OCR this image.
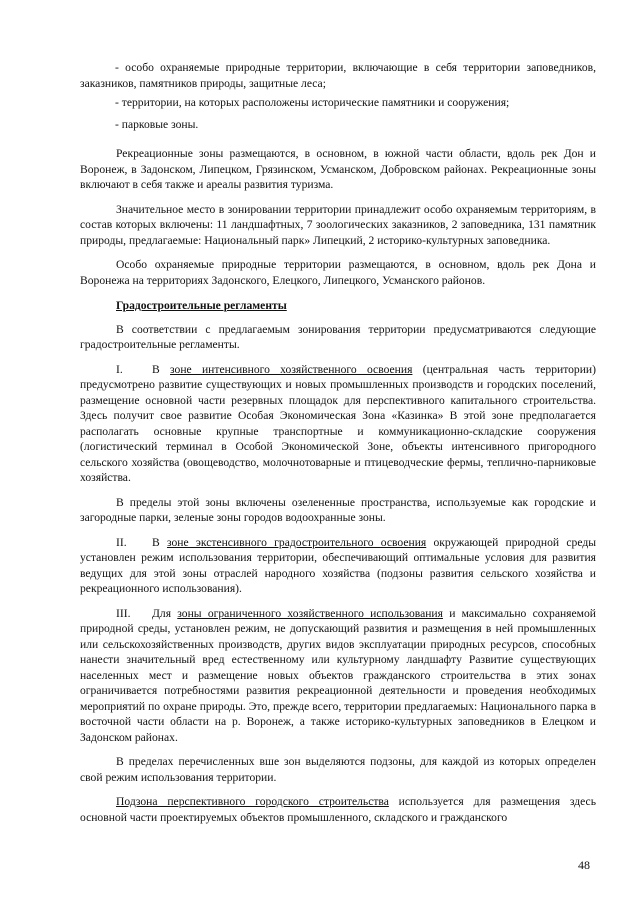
- особо охраняемые природные территории, включающие в себя территории заповедников, заказников, памятников природы, защитные леса;

- территории, на которых расположены исторические памятники и сооружения;

- парковые зоны.

Рекреационные зоны размещаются, в основном, в южной части области, вдоль рек Дон и Воронеж, в Задонском, Липецком, Грязинском, Усманском, Добровском районах. Рекреационные зоны включают в себя также и ареалы развития туризма.

Значительное место в зонировании территории принадлежит особо охраняемым территориям, в состав которых включены: 11 ландшафтных, 7 зоологических заказников, 2 заповедника, 131 памятник природы, предлагаемые: Национальный парк» Липецкий, 2 историко-культурных заповедника.

Особо охраняемые природные территории размещаются, в основном, вдоль рек Дона и Воронежа на территориях Задонского, Елецкого, Липецкого, Усманского районов.

Градостроительные регламенты

В соответствии с предлагаемым зонирования территории предусматриваются следующие градостроительные регламенты.

I.	В зоне интенсивного хозяйственного освоения (центральная часть территории) предусмотрено развитие существующих и новых промышленных производств и городских поселений, размещение основной части резервных площадок для перспективного капитального строительства. Здесь получит свое развитие Особая Экономическая Зона «Казинка» В этой зоне предполагается располагать основные крупные транспортные и коммуникационно-складские сооружения (логистический терминал в Особой Экономической Зоне, объекты интенсивного пригородного сельского хозяйства (овощеводство, молочнотоварные и птицеводческие фермы, теплично-парниковые хозяйства.

В пределы этой зоны включены озелененные пространства, используемые как городские и загородные парки, зеленые зоны городов водоохранные зоны.

II. В зоне экстенсивного градостроительного освоения окружающей природной среды установлен режим использования территории, обеспечивающий оптимальные условия для развития ведущих для этой зоны отраслей народного хозяйства (подзоны развития сельского хозяйства и рекреационного использования).

III. Для зоны ограниченного хозяйственного использования и максимально сохраняемой природной среды, установлен режим, не допускающий развития и размещения в ней промышленных или сельскохозяйственных производств, других видов эксплуатации природных ресурсов, способных нанести значительный вред естественному или культурному ландшафту Развитие существующих населенных мест и размещение новых объектов гражданского строительства в этих зонах ограничивается потребностями развития рекреационной деятельности и проведения необходимых мероприятий по охране природы. Это, прежде всего, территории предлагаемых: Национального парка в восточной части области на р. Воронеж, а также историко-культурных заповедников в Елецком и Задонском районах.

В пределах перечисленных вше зон выделяются подзоны, для каждой из которых определен свой режим использования территории.

Подзона перспективного городского строительства используется для размещения здесь основной части проектируемых объектов промышленного, складского и гражданского

48
